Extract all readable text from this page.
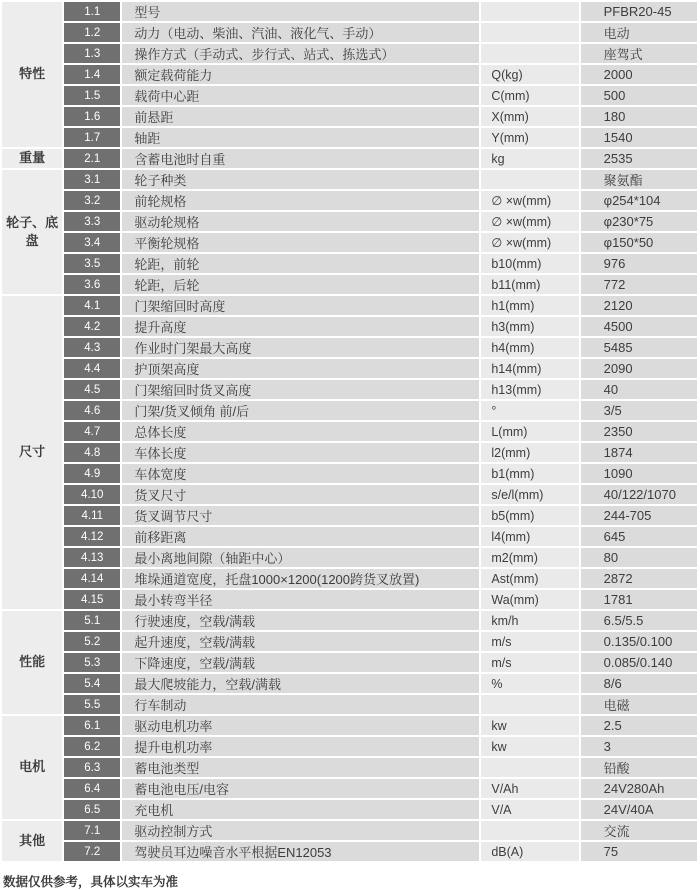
特性	1.1	型号		PFBR20-45
	1.2	动力（电动、柴油、汽油、液化气、手动）		电动
	1.3	操作方式（手动式、步行式、站式、拣选式）		座驾式
	1.4	额定载荷能力	Q(kg)	2000
	1.5	载荷中心距	C(mm)	500
	1.6	前悬距	X(mm)	180
	1.7	轴距	Y(mm)	1540
重量	2.1	含蓄电池时自重	kg	2535
轮子、底盘	3.1	轮子种类		聚氨酯
	3.2	前轮规格	∅ ×w(mm)	φ254*104
	3.3	驱动轮规格	∅ ×w(mm)	φ230*75
	3.4	平衡轮规格	∅ ×w(mm)	φ150*50
	3.5	轮距，前轮	b10(mm)	976
	3.6	轮距，后轮	b11(mm)	772
尺寸	4.1	门架缩回时高度	h1(mm)	2120
	4.2	提升高度	h3(mm)	4500
	4.3	作业时门架最大高度	h4(mm)	5485
	4.4	护顶架高度	h14(mm)	2090
	4.5	门架缩回时货叉高度	h13(mm)	40
	4.6	门架/货叉倾角 前/后	°	3/5
	4.7	总体长度	L(mm)	2350
	4.8	车体长度	l2(mm)	1874
	4.9	车体宽度	b1(mm)	1090
	4.10	货叉尺寸	s/e/l(mm)	40/122/1070
	4.11	货叉调节尺寸	b5(mm)	244-705
	4.12	前移距离	l4(mm)	645
	4.13	最小离地间隙（轴距中心）	m2(mm)	80
	4.14	堆垛通道宽度，托盘1000×1200(1200跨货叉放置)	Ast(mm)	2872
	4.15	最小转弯半径	Wa(mm)	1781
性能	5.1	行驶速度，空载/满载	km/h	6.5/5.5
	5.2	起升速度，空载/满载	m/s	0.135/0.100
	5.3	下降速度，空载/满载	m/s	0.085/0.140
	5.4	最大爬坡能力，空载/满载	%	8/6
	5.5	行车制动		电磁
电机	6.1	驱动电机功率	kw	2.5
	6.2	提升电机功率	kw	3
	6.3	蓄电池类型		铅酸
	6.4	蓄电池电压/电容	V/Ah	24V280Ah
	6.5	充电机	V/A	24V/40A
其他	7.1	驱动控制方式		交流
	7.2	驾驶员耳边噪音水平根据EN12053	dB(A)	75
数据仅供参考，具体以实车为准
